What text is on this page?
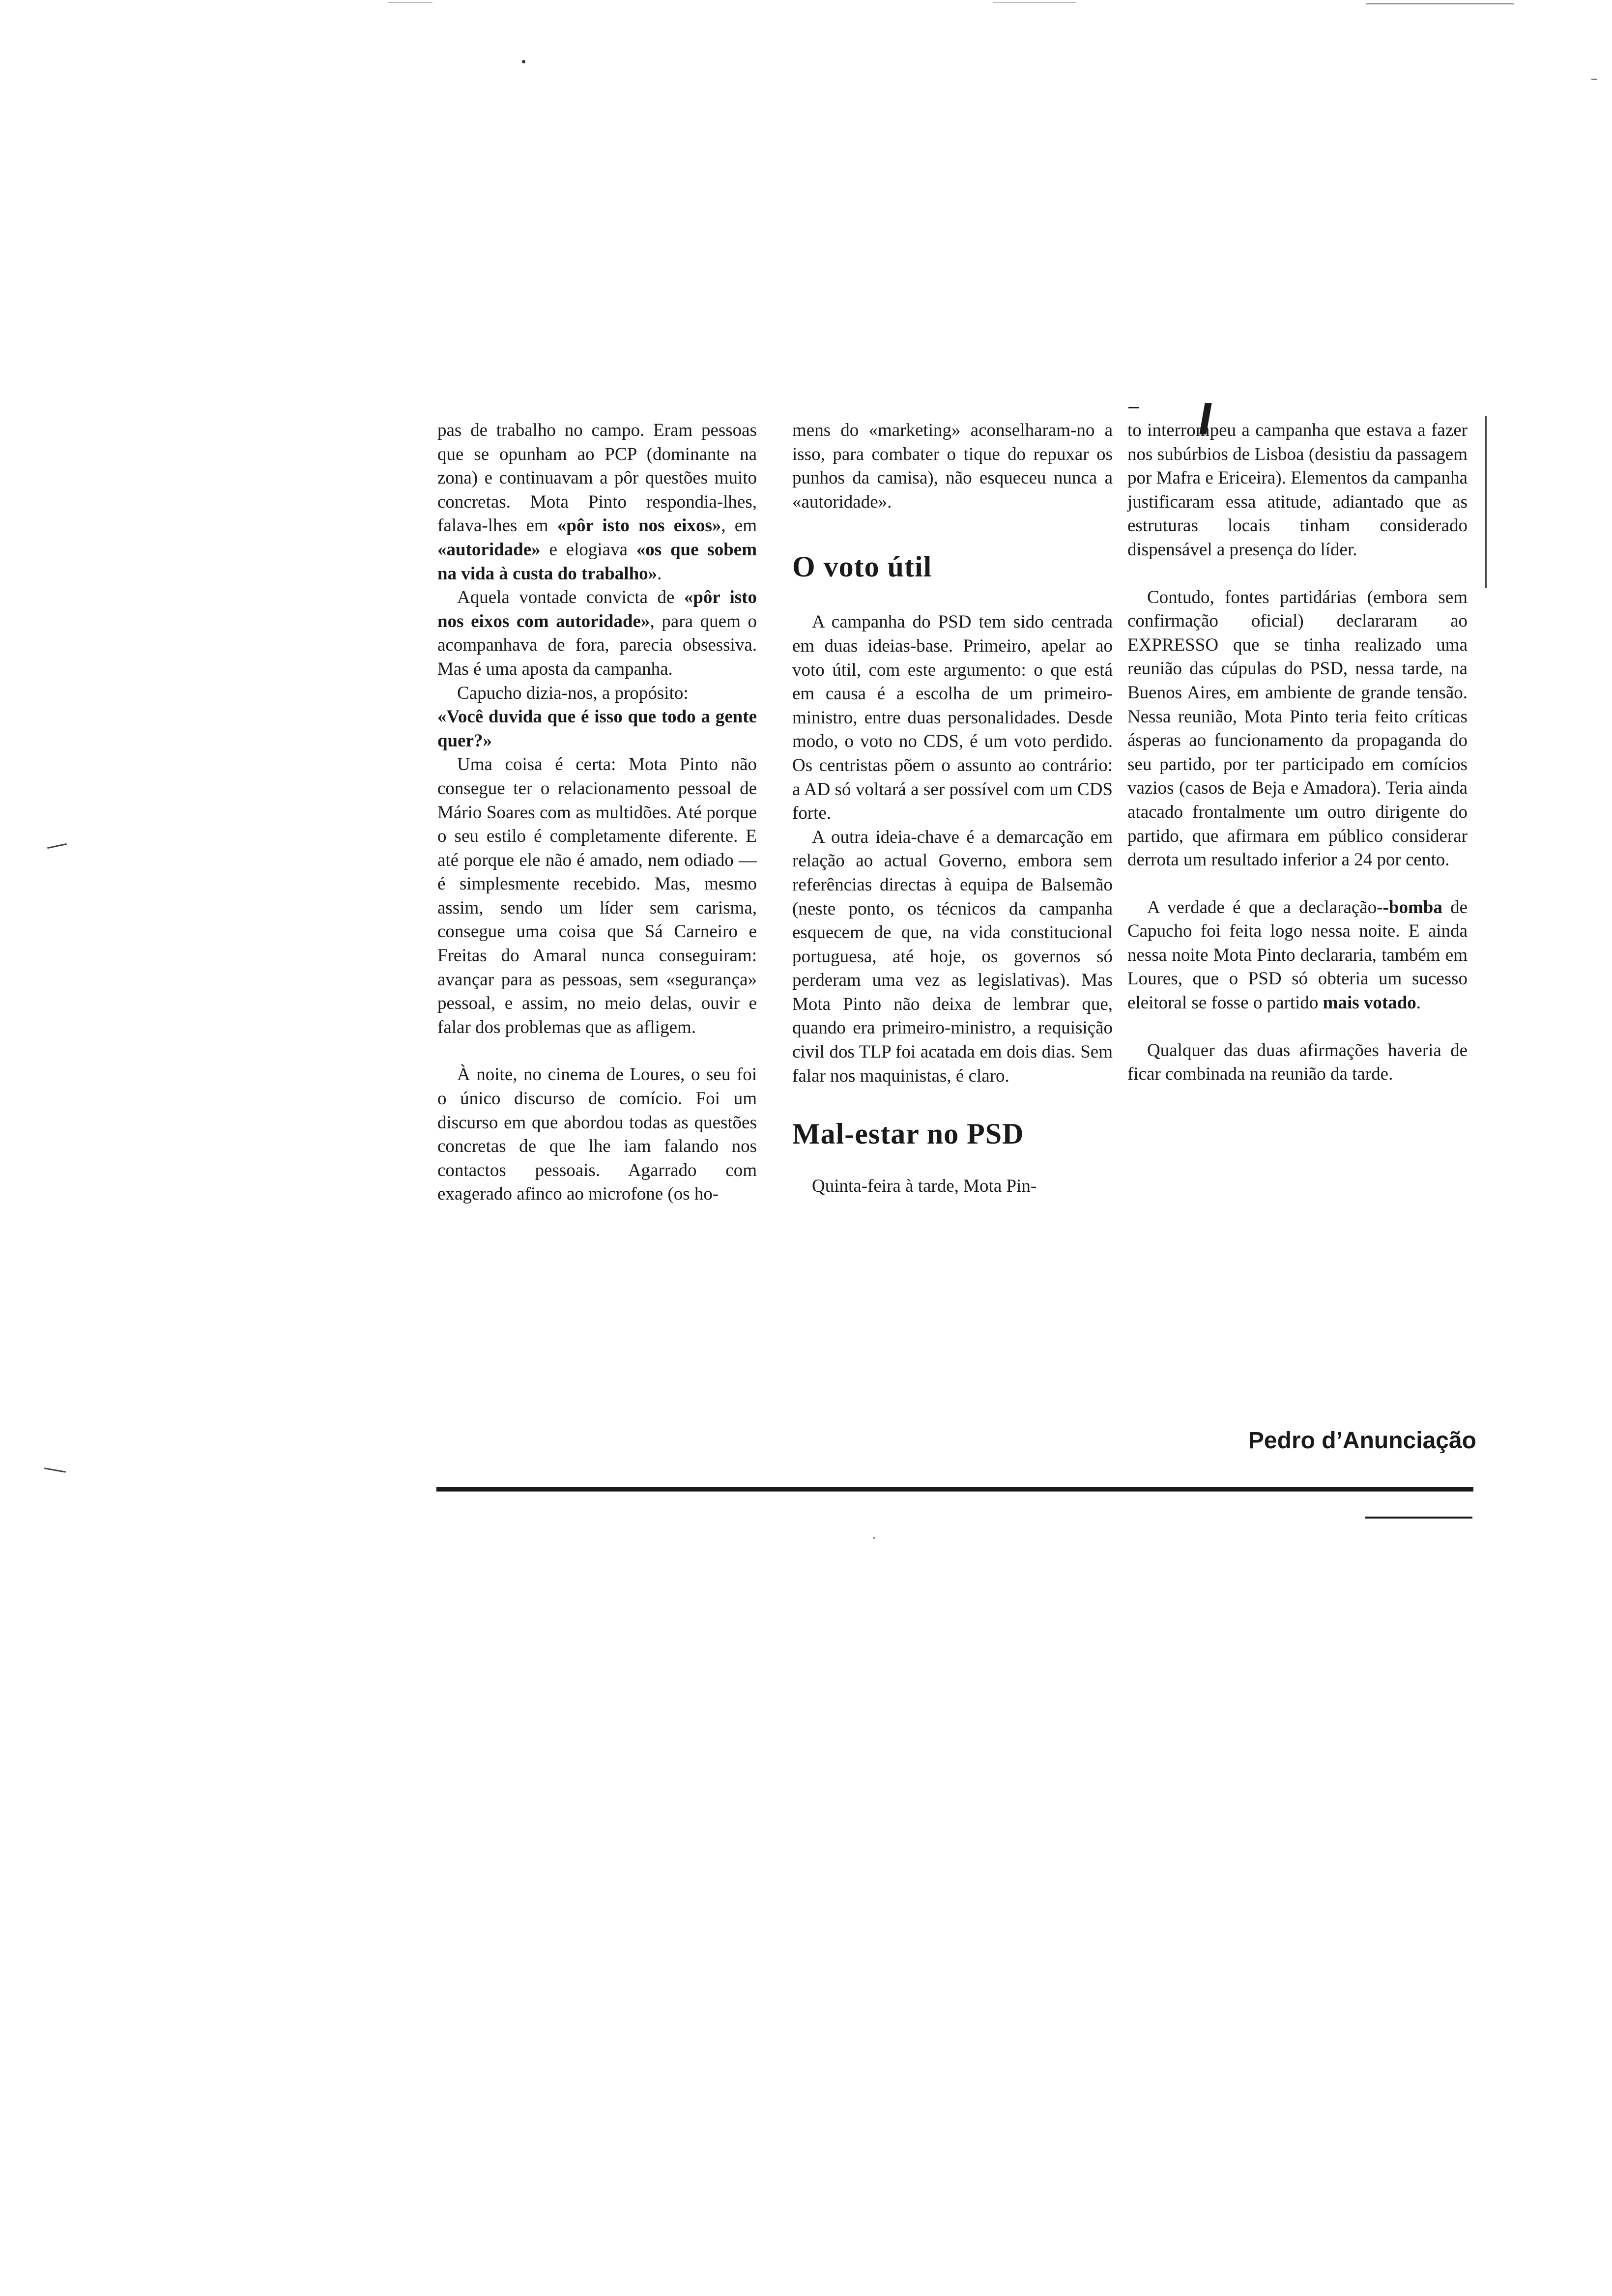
pas de trabalho no campo. Eram pessoas que se opunham ao PCP (dominante na zona) e continuavam a pôr questões muito concretas. Mota Pinto respondia-lhes, falava-lhes em «pôr isto nos eixos», em «autoridade» e elogiava «os que sobem na vida à custa do trabalho».

Aquela vontade convicta de «pôr isto nos eixos com autoridade», para quem o acompanhava de fora, parecia obsessiva. Mas é uma aposta da campanha.

Capucho dizia-nos, a propósito:

«Você duvida que é isso que todo a gente quer?»

Uma coisa é certa: Mota Pinto não consegue ter o relacionamento pessoal de Mário Soares com as multidões. Até porque o seu estilo é completamente diferente. E até porque ele não é amado, nem odiado — é simplesmente recebido. Mas, mesmo assim, sendo um líder sem carisma, consegue uma coisa que Sá Carneiro e Freitas do Amaral nunca conseguiram: avançar para as pessoas, sem «segurança» pessoal, e assim, no meio delas, ouvir e falar dos problemas que as afligem.

À noite, no cinema de Loures, o seu foi o único discurso de comício. Foi um discurso em que abordou todas as questões concretas de que lhe iam falando nos contactos pessoais. Agarrado com exagerado afinco ao microfone (os ho-

mens do «marketing» aconselharam-no a isso, para combater o tique do repuxar os punhos da camisa), não esqueceu nunca a «autoridade».

O voto útil

A campanha do PSD tem sido centrada em duas ideias-base. Primeiro, apelar ao voto útil, com este argumento: o que está em causa é a escolha de um primeiro-ministro, entre duas personalidades. Desde modo, o voto no CDS, é um voto perdido. Os centristas põem o assunto ao contrário: a AD só voltará a ser possível com um CDS forte.

A outra ideia-chave é a demarcação em relação ao actual Governo, embora sem referências directas à equipa de Balsemão (neste ponto, os técnicos da campanha esquecem de que, na vida constitucional portuguesa, até hoje, os governos só perderam uma vez as legislativas). Mas Mota Pinto não deixa de lembrar que, quando era primeiro-ministro, a requisição civil dos TLP foi acatada em dois dias. Sem falar nos maquinistas, é claro.

Mal-estar no PSD

Quinta-feira à tarde, Mota Pin-

to interrompeu a campanha que estava a fazer nos subúrbios de Lisboa (desistiu da passagem por Mafra e Ericeira). Elementos da campanha justificaram essa atitude, adiantado que as estruturas locais tinham considerado dispensável a presença do líder.

Contudo, fontes partidárias (embora sem confirmação oficial) declararam ao EXPRESSO que se tinha realizado uma reunião das cúpulas do PSD, nessa tarde, na Buenos Aires, em ambiente de grande tensão. Nessa reunião, Mota Pinto teria feito críticas ásperas ao funcionamento da propaganda do seu partido, por ter participado em comícios vazios (casos de Beja e Amadora). Teria ainda atacado frontalmente um outro dirigente do partido, que afirmara em público considerar derrota um resultado inferior a 24 por cento.

A verdade é que a declaração--bomba de Capucho foi feita logo nessa noite. E ainda nessa noite Mota Pinto declararia, também em Loures, que o PSD só obteria um sucesso eleitoral se fosse o partido mais votado.

Qualquer das duas afirmações haveria de ficar combinada na reunião da tarde.

Pedro d’Anunciação
